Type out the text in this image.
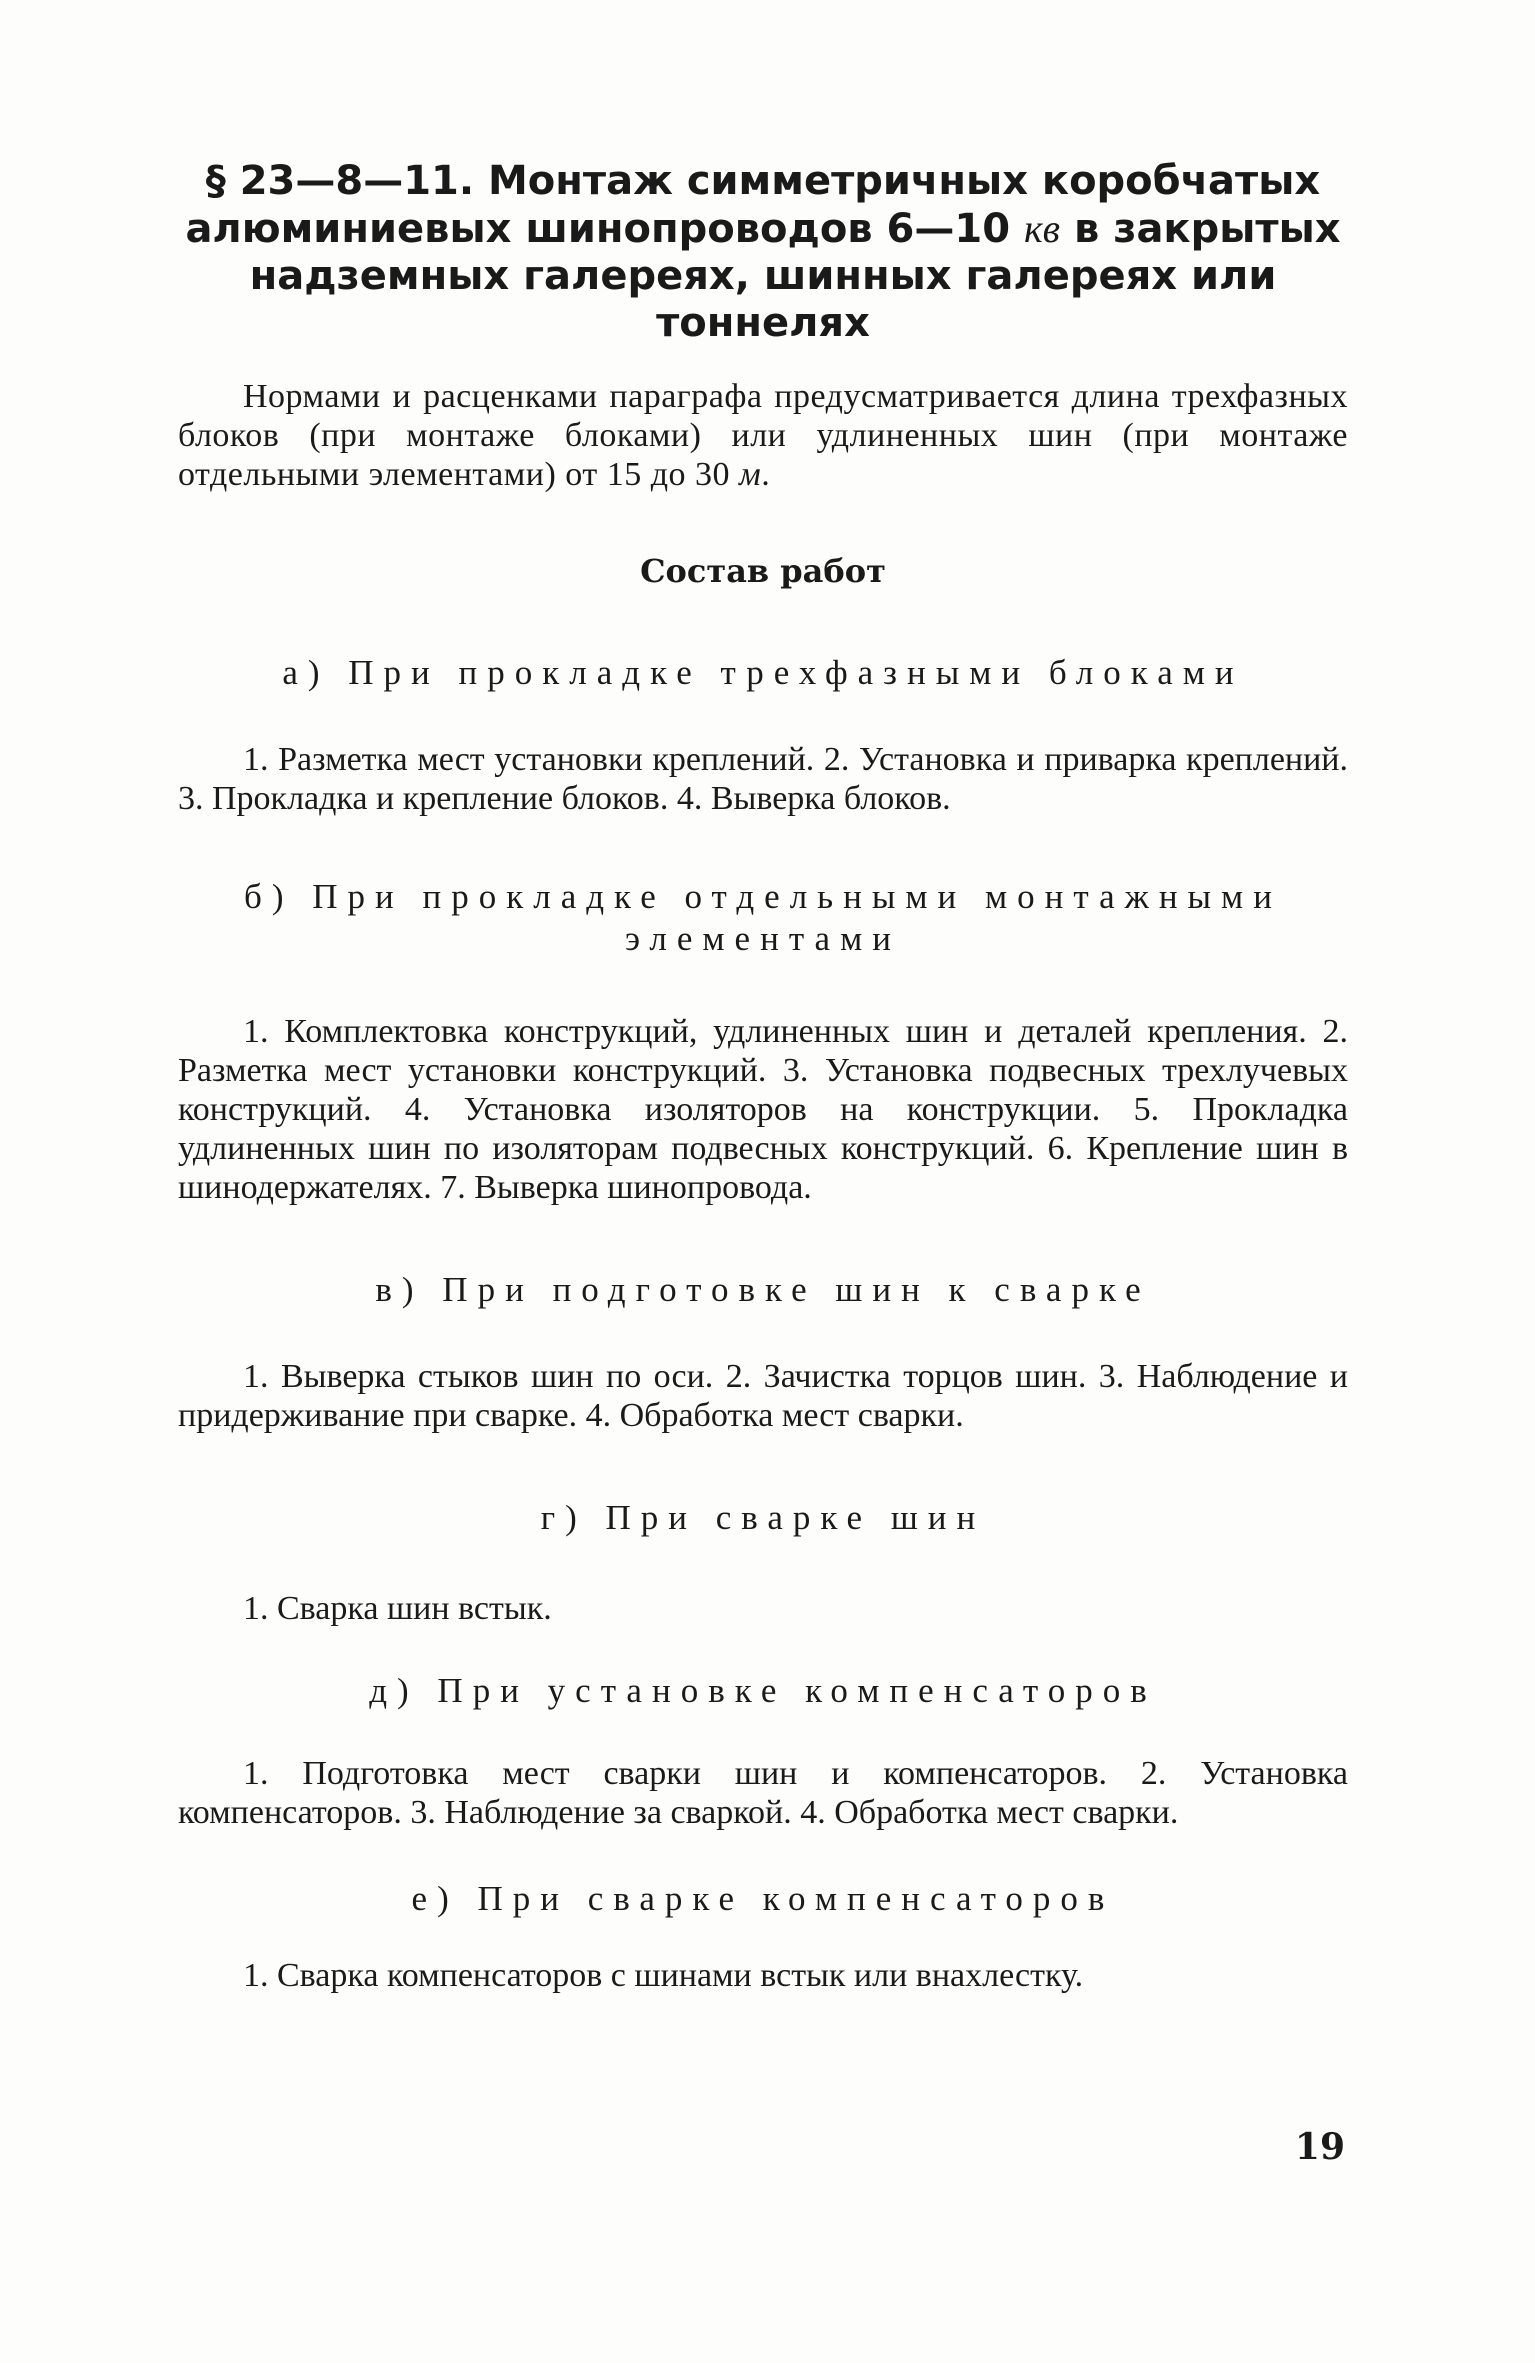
§ 23—8—11. Монтаж симметричных коробчатых
алюминиевых шинопроводов 6—10 кв в закрытых
надземных галереях, шинных галереях или тоннелях

Нормами и расценками параграфа предусматривается длина трехфазных блоков (при монтаже блоками) или удлиненных шин (при монтаже отдельными элементами) от 15 до 30 м.

Состав работ
а) При прокладке трехфазными блоками

1. Разметка мест установки креплений. 2. Установка и приварка креплений. 3. Прокладка и крепление блоков. 4. Выверка блоков.

б) При прокладке отдельными монтажными
элементами

1. Комплектовка конструкций, удлиненных шин и деталей крепления. 2. Разметка мест установки конструкций. 3. Установка подвесных трехлучевых конструкций. 4. Установка изоляторов на конструкции. 5. Прокладка удлиненных шин по изоляторам подвесных конструкций. 6. Крепление шин в шинодержателях. 7. Выверка шинопровода.

в) При подготовке шин к сварке

1. Выверка стыков шин по оси. 2. Зачистка торцов шин. 3. Наблюдение и придерживание при сварке. 4. Обработка мест сварки.

г) При сварке шин

1. Сварка шин встык.

д) При установке компенсаторов

1. Подготовка мест сварки шин и компенсаторов. 2. Установка компенсаторов. 3. Наблюдение за сваркой. 4. Обработка мест сварки.

е) При сварке компенсаторов

1. Сварка компенсаторов с шинами встык или внахлестку.

19
